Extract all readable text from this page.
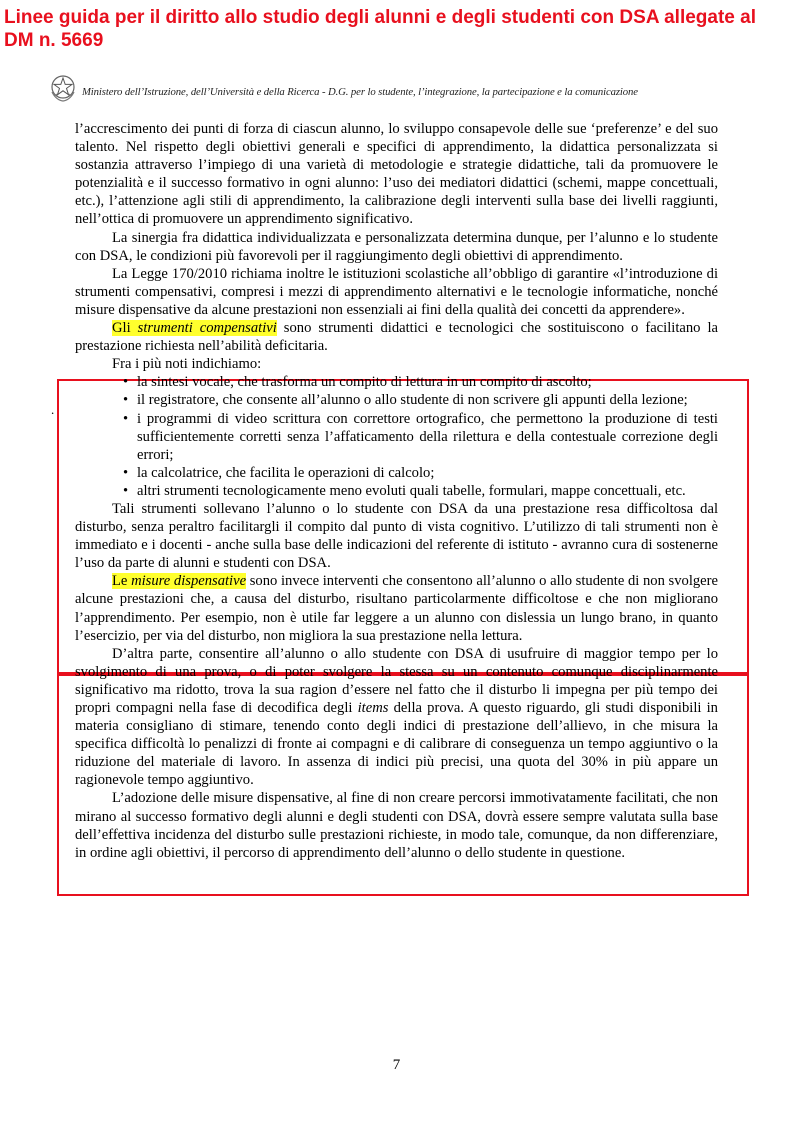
Linee guida per il diritto allo studio degli alunni e degli studenti con DSA allegate al DM n. 5669
Ministero dell’Istruzione, dell’Università e della Ricerca - D.G. per lo studente, l’integrazione, la partecipazione e la comunicazione
.

l’accrescimento dei punti di forza di ciascun alunno, lo sviluppo consapevole delle sue ‘preferenze’ e del suo talento. Nel rispetto degli obiettivi generali e specifici di apprendimento, la didattica personalizzata si sostanzia attraverso l’impiego di una varietà di metodologie e strategie didattiche, tali da promuovere le potenzialità e il successo formativo in ogni alunno: l’uso dei mediatori didattici (schemi, mappe concettuali, etc.), l’attenzione agli stili di apprendimento, la calibrazione degli interventi sulla base dei livelli raggiunti, nell’ottica di promuovere un apprendimento significativo.

La sinergia fra didattica individualizzata e personalizzata determina dunque, per l’alunno e lo studente con DSA, le condizioni più favorevoli per il raggiungimento degli obiettivi di apprendimento.

La Legge 170/2010 richiama inoltre le istituzioni scolastiche all’obbligo di garantire «l’introduzione di strumenti compensativi, compresi i mezzi di apprendimento alternativi e le tecnologie informatiche, nonché misure dispensative da alcune prestazioni non essenziali ai fini della qualità dei concetti da apprendere».

Gli strumenti compensativi sono strumenti didattici e tecnologici che sostituiscono o facilitano la prestazione richiesta nell’abilità deficitaria.

Fra i più noti indichiamo:

• la sintesi vocale, che trasforma un compito di lettura in un compito di ascolto;
• il registratore, che consente all’alunno o allo studente di non scrivere gli appunti della lezione;
• i programmi di video scrittura con correttore ortografico, che permettono la produzione di testi sufficientemente corretti senza l’affaticamento della rilettura e della contestuale correzione degli errori;
• la calcolatrice, che facilita le operazioni di calcolo;
• altri strumenti tecnologicamente meno evoluti quali tabelle, formulari, mappe concettuali, etc.

Tali strumenti sollevano l’alunno o lo studente con DSA da una prestazione resa difficoltosa dal disturbo, senza peraltro facilitargli il compito dal punto di vista cognitivo. L’utilizzo di tali strumenti non è immediato e i docenti - anche sulla base delle indicazioni del referente di istituto - avranno cura di sostenerne l’uso da parte di alunni e studenti con DSA.

Le misure dispensative sono invece interventi che consentono all’alunno o allo studente di non svolgere alcune prestazioni che, a causa del disturbo, risultano particolarmente difficoltose e che non migliorano l’apprendimento. Per esempio, non è utile far leggere a un alunno con dislessia un lungo brano, in quanto l’esercizio, per via del disturbo, non migliora la sua prestazione nella lettura.

D’altra parte, consentire all’alunno o allo studente con DSA di usufruire di maggior tempo per lo svolgimento di una prova, o di poter svolgere la stessa su un contenuto comunque disciplinarmente significativo ma ridotto, trova la sua ragion d’essere nel fatto che il disturbo li impegna per più tempo dei propri compagni nella fase di decodifica degli items della prova. A questo riguardo, gli studi disponibili in materia consigliano di stimare, tenendo conto degli indici di prestazione dell’allievo, in che misura la specifica difficoltà lo penalizzi di fronte ai compagni e di calibrare di conseguenza un tempo aggiuntivo o la riduzione del materiale di lavoro. In assenza di indici più precisi, una quota del 30% in più appare un ragionevole tempo aggiuntivo.

L’adozione delle misure dispensative, al fine di non creare percorsi immotivatamente facilitati, che non mirano al successo formativo degli alunni e degli studenti con DSA, dovrà essere sempre valutata sulla base dell’effettiva incidenza del disturbo sulle prestazioni richieste, in modo tale, comunque, da non differenziare, in ordine agli obiettivi, il percorso di apprendimento dell’alunno o dello studente in questione.

7
